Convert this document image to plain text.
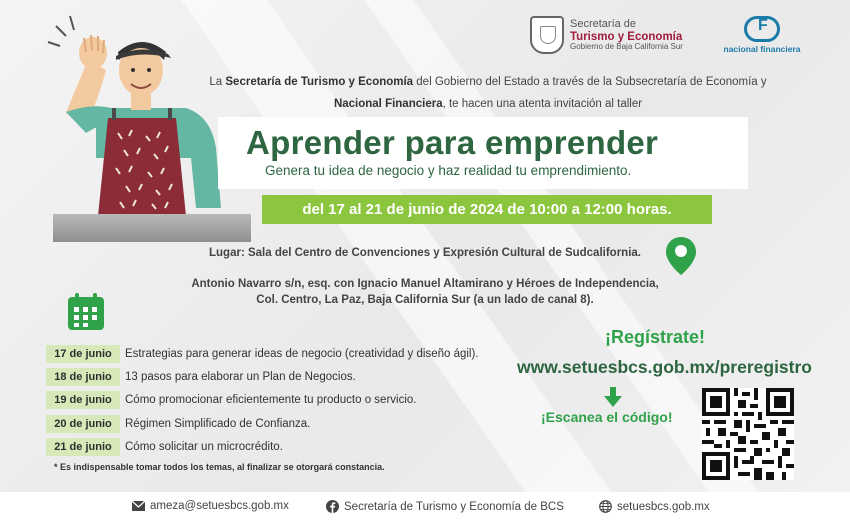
Secretaría de
Turismo y Economía
Gobierno de Baja California Sur
F	nacional financiera
La Secretaría de Turismo y Economía del Gobierno del Estado a través de la Subsecretaría de Economía y
Nacional Financiera, te hacen una atenta invitación al taller
Aprender para emprender
Genera tu idea de negocio y haz realidad tu emprendimiento.
del 17 al 21 de junio de 2024 de 10:00 a 12:00 horas.
Lugar: Sala del Centro de Convenciones y Expresión Cultural de Sudcalifornia.
Antonio Navarro s/n, esq. con Ignacio Manuel Altamirano y Héroes de Independencia,
Col. Centro, La Paz, Baja California Sur (a un lado de canal 8).
17 de junio	Estrategias para generar ideas de negocio (creatividad y diseño ágil).
18 de junio	13 pasos para elaborar un Plan de Negocios.
19 de junio	Cómo promocionar eficientemente tu producto o servicio.
20 de junio	Régimen Simplificado de Confianza.
21 de junio	Cómo solicitar un microcrédito.
* Es indispensable tomar todos los temas, al finalizar se otorgará constancia.
¡Regístrate!
www.setuesbcs.gob.mx/preregistro
¡Escanea el código!
ameza@setuesbcs.gob.mx	Secretaría de Turismo y Economía de BCS	setuesbcs.gob.mx
